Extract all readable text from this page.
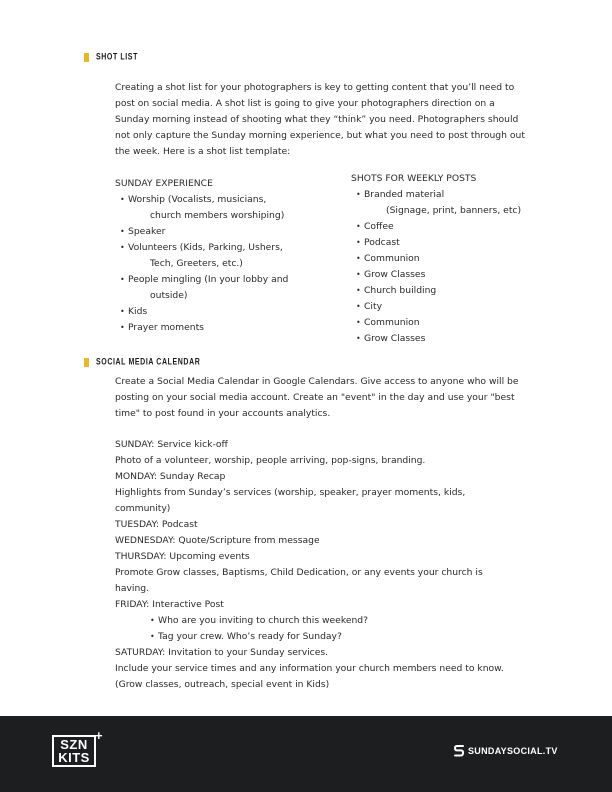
SHOT LIST

Creating a shot list for your photographers is key to getting content that you’ll need to post on social media. A shot list is going to give your photographers direction on a Sunday morning instead of shooting what they “think” you need. Photographers should not only capture the Sunday morning experience, but what you need to post through out the week. Here is a shot list template:

SUNDAY EXPERIENCE
• Worship (Vocalists, musicians,
church members worshiping)
• Speaker
• Volunteers (Kids, Parking, Ushers,
Tech, Greeters, etc.)
• People mingling (In your lobby and
outside)
• Kids
• Prayer moments
SHOTS FOR WEEKLY POSTS
• Branded material
(Signage, print, banners, etc)
• Coffee
• Podcast
• Communion
• Grow Classes
• Church building
• City
• Communion
• Grow Classes
SOCIAL MEDIA CALENDAR

Create a Social Media Calendar in Google Calendars. Give access to anyone who will be posting on your social media account. Create an "event" in the day and use your "best time" to post found in your accounts analytics.

SUNDAY: Service kick-off
Photo of a volunteer, worship, people arriving, pop-signs, branding.
MONDAY: Sunday Recap
Highlights from Sunday’s services (worship, speaker, prayer moments, kids,
community)
TUESDAY: Podcast
WEDNESDAY: Quote/Scripture from message
THURSDAY: Upcoming events
Promote Grow classes, Baptisms, Child Dedication, or any events your church is
having.
FRIDAY: Interactive Post
• Who are you inviting to church this weekend?
• Tag your crew. Who’s ready for Sunday?
SATURDAY: Invitation to your Sunday services.
Include your service times and any information your church members need to know.
(Grow classes, outreach, special event in Kids)
SZN
KITS
+
SUNDAYSOCIAL.TV
